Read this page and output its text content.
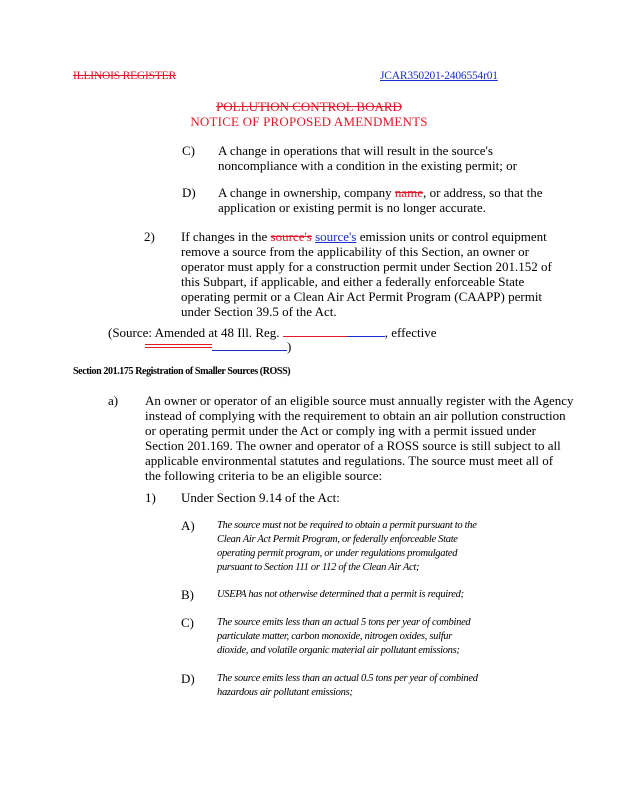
ILLINOIS REGISTER	JCAR350201-2406554r01
POLLUTION CONTROL BOARD
NOTICE OF PROPOSED AMENDMENTS
C) A change in operations that will result in the source's
noncompliance with a condition in the existing permit; or
D) A change in ownership, company name, or address, so that the
application or existing permit is no longer accurate.
2) If changes in the source's source's emission units or control equipment
remove a source from the applicability of this Section, an owner or
operator must apply for a construction permit under Section 201.152 of
this Subpart, if applicable, and either a federally enforceable State
operating permit or a Clean Air Act Permit Program (CAAPP) permit
under Section 39.5 of the Act.
(Source: Amended at 48 Ill. Reg.	, effective
)
Section 201.175 Registration of Smaller Sources (ROSS)
a) An owner or operator of an eligible source must annually register with the Agency
instead of complying with the requirement to obtain an air pollution construction
or operating permit under the Act or comply ing with a permit issued under
Section 201.169. The owner and operator of a ROSS source is still subject to all
applicable environmental statutes and regulations. The source must meet all of
the following criteria to be an eligible source:
1) Under Section 9.14 of the Act:
A) The source must not be required to obtain a permit pursuant to the
Clean Air Act Permit Program, or federally enforceable State
operating permit program, or under regulations promulgated
pursuant to Section 111 or 112 of the Clean Air Act;
B) USEPA has not otherwise determined that a permit is required;
C) The source emits less than an actual 5 tons per year of combined
particulate matter, carbon monoxide, nitrogen oxides, sulfur
dioxide, and volatile organic material air pollutant emissions;
D) The source emits less than an actual 0.5 tons per year of combined
hazardous air pollutant emissions;
